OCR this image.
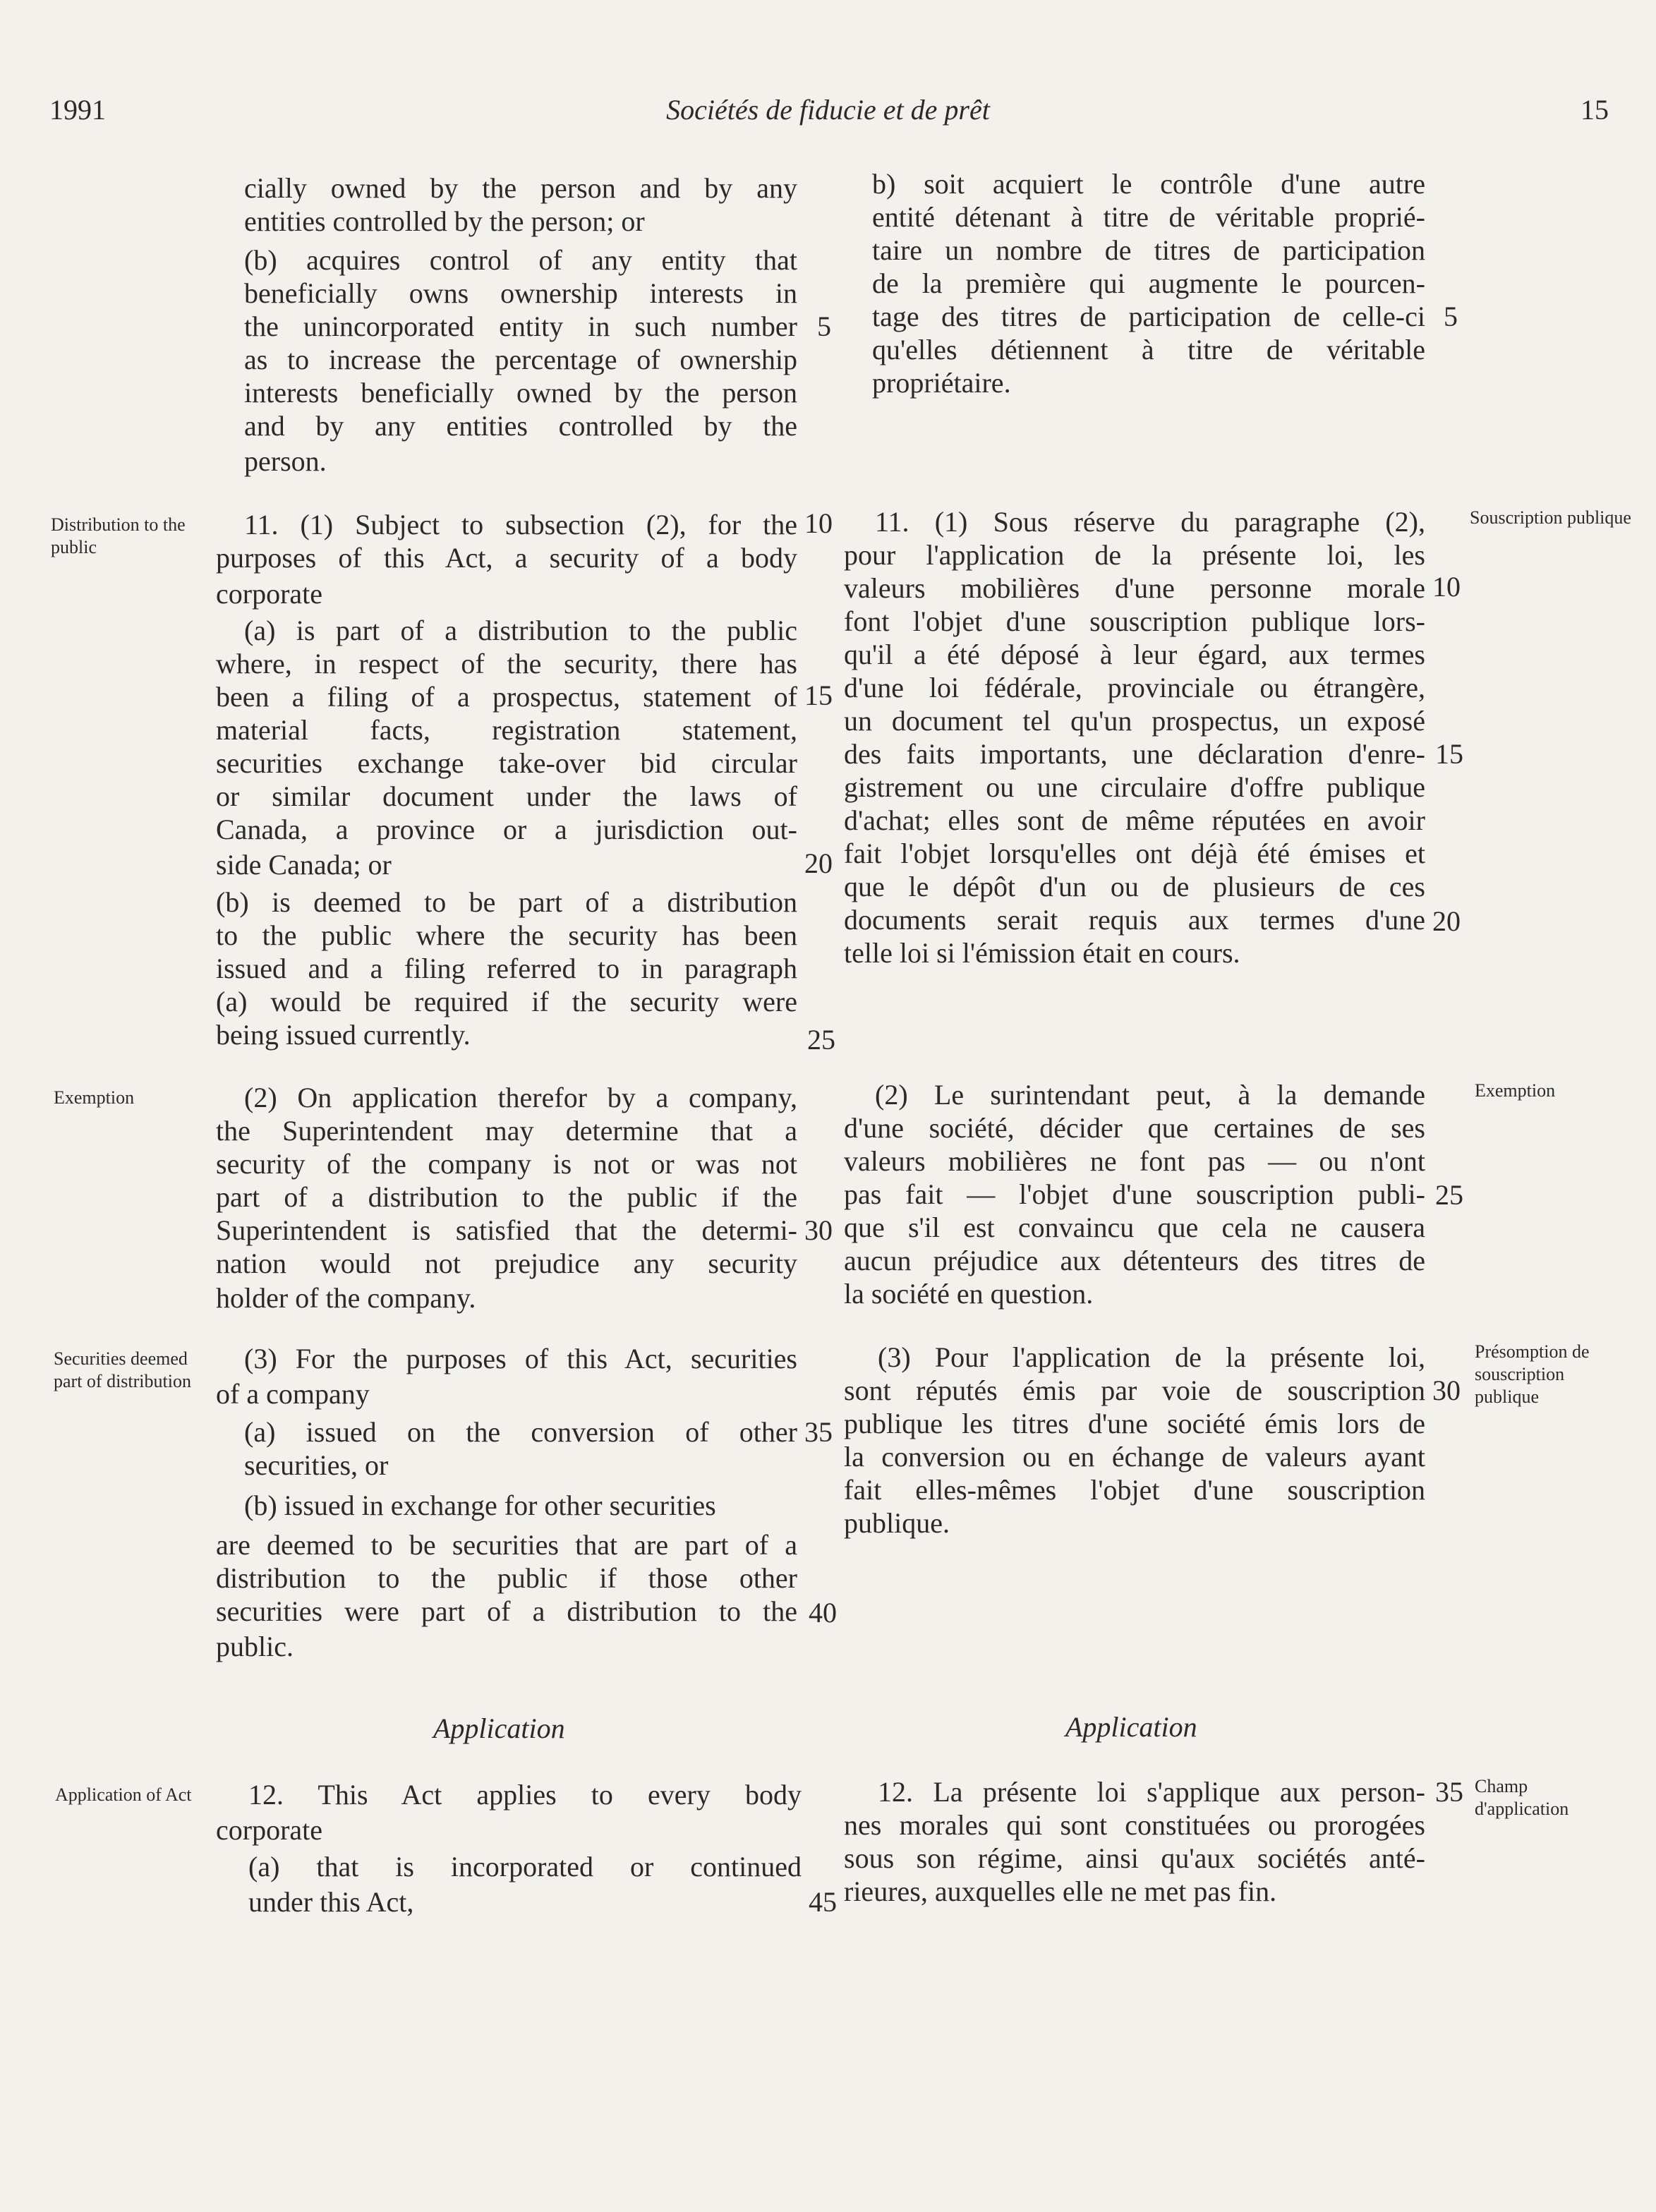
1991	Sociétés de fiducie et de prêt	15
Distribution to the public
Souscription publique
Exemption	Exemption
Securities deemed part of distribution
Présomption de souscription publique
Application of Act	Champ d'application
Application	Application
cially owned by the person and by any
entities controlled by the person; or
(b) acquires control of any entity that
beneficially owns ownership interests in
the unincorporated entity in such number
as to increase the percentage of ownership
interests beneficially owned by the person
and by any entities controlled by the
person.
11. (1) Subject to subsection (2), for the
purposes of this Act, a security of a body
corporate
(a) is part of a distribution to the public
where, in respect of the security, there has
been a filing of a prospectus, statement of
material facts, registration statement,
securities exchange take-over bid circular
or similar document under the laws of
Canada, a province or a jurisdiction out-
side Canada; or
(b) is deemed to be part of a distribution
to the public where the security has been
issued and a filing referred to in paragraph
(a) would be required if the security were
being issued currently.
(2) On application therefor by a company,
the Superintendent may determine that a
security of the company is not or was not
part of a distribution to the public if the
Superintendent is satisfied that the determi-
nation would not prejudice any security
holder of the company.
(3) For the purposes of this Act, securities
of a company
(a) issued on the conversion of other
securities, or
(b) issued in exchange for other securities
are deemed to be securities that are part of a
distribution to the public if those other
securities were part of a distribution to the
public.
12. This Act applies to every body
corporate
(a) that is incorporated or continued
under this Act,
5
10
15
20
25
30
35
40
45
b) soit acquiert le contrôle d'une autre
entité détenant à titre de véritable proprié-
taire un nombre de titres de participation
de la première qui augmente le pourcen-
tage des titres de participation de celle-ci
qu'elles détiennent à titre de véritable
propriétaire.
11. (1) Sous réserve du paragraphe (2),
pour l'application de la présente loi, les
valeurs mobilières d'une personne morale
font l'objet d'une souscription publique lors-
qu'il a été déposé à leur égard, aux termes
d'une loi fédérale, provinciale ou étrangère,
un document tel qu'un prospectus, un exposé
des faits importants, une déclaration d'enre-
gistrement ou une circulaire d'offre publique
d'achat; elles sont de même réputées en avoir
fait l'objet lorsqu'elles ont déjà été émises et
que le dépôt d'un ou de plusieurs de ces
documents serait requis aux termes d'une
telle loi si l'émission était en cours.
(2) Le surintendant peut, à la demande
d'une société, décider que certaines de ses
valeurs mobilières ne font pas — ou n'ont
pas fait — l'objet d'une souscription publi-
que s'il est convaincu que cela ne causera
aucun préjudice aux détenteurs des titres de
la société en question.
(3) Pour l'application de la présente loi,
sont réputés émis par voie de souscription
publique les titres d'une société émis lors de
la conversion ou en échange de valeurs ayant
fait elles-mêmes l'objet d'une souscription
publique.
12. La présente loi s'applique aux person-
nes morales qui sont constituées ou prorogées
sous son régime, ainsi qu'aux sociétés anté-
rieures, auxquelles elle ne met pas fin.
5
10
15
20
25
30
35
